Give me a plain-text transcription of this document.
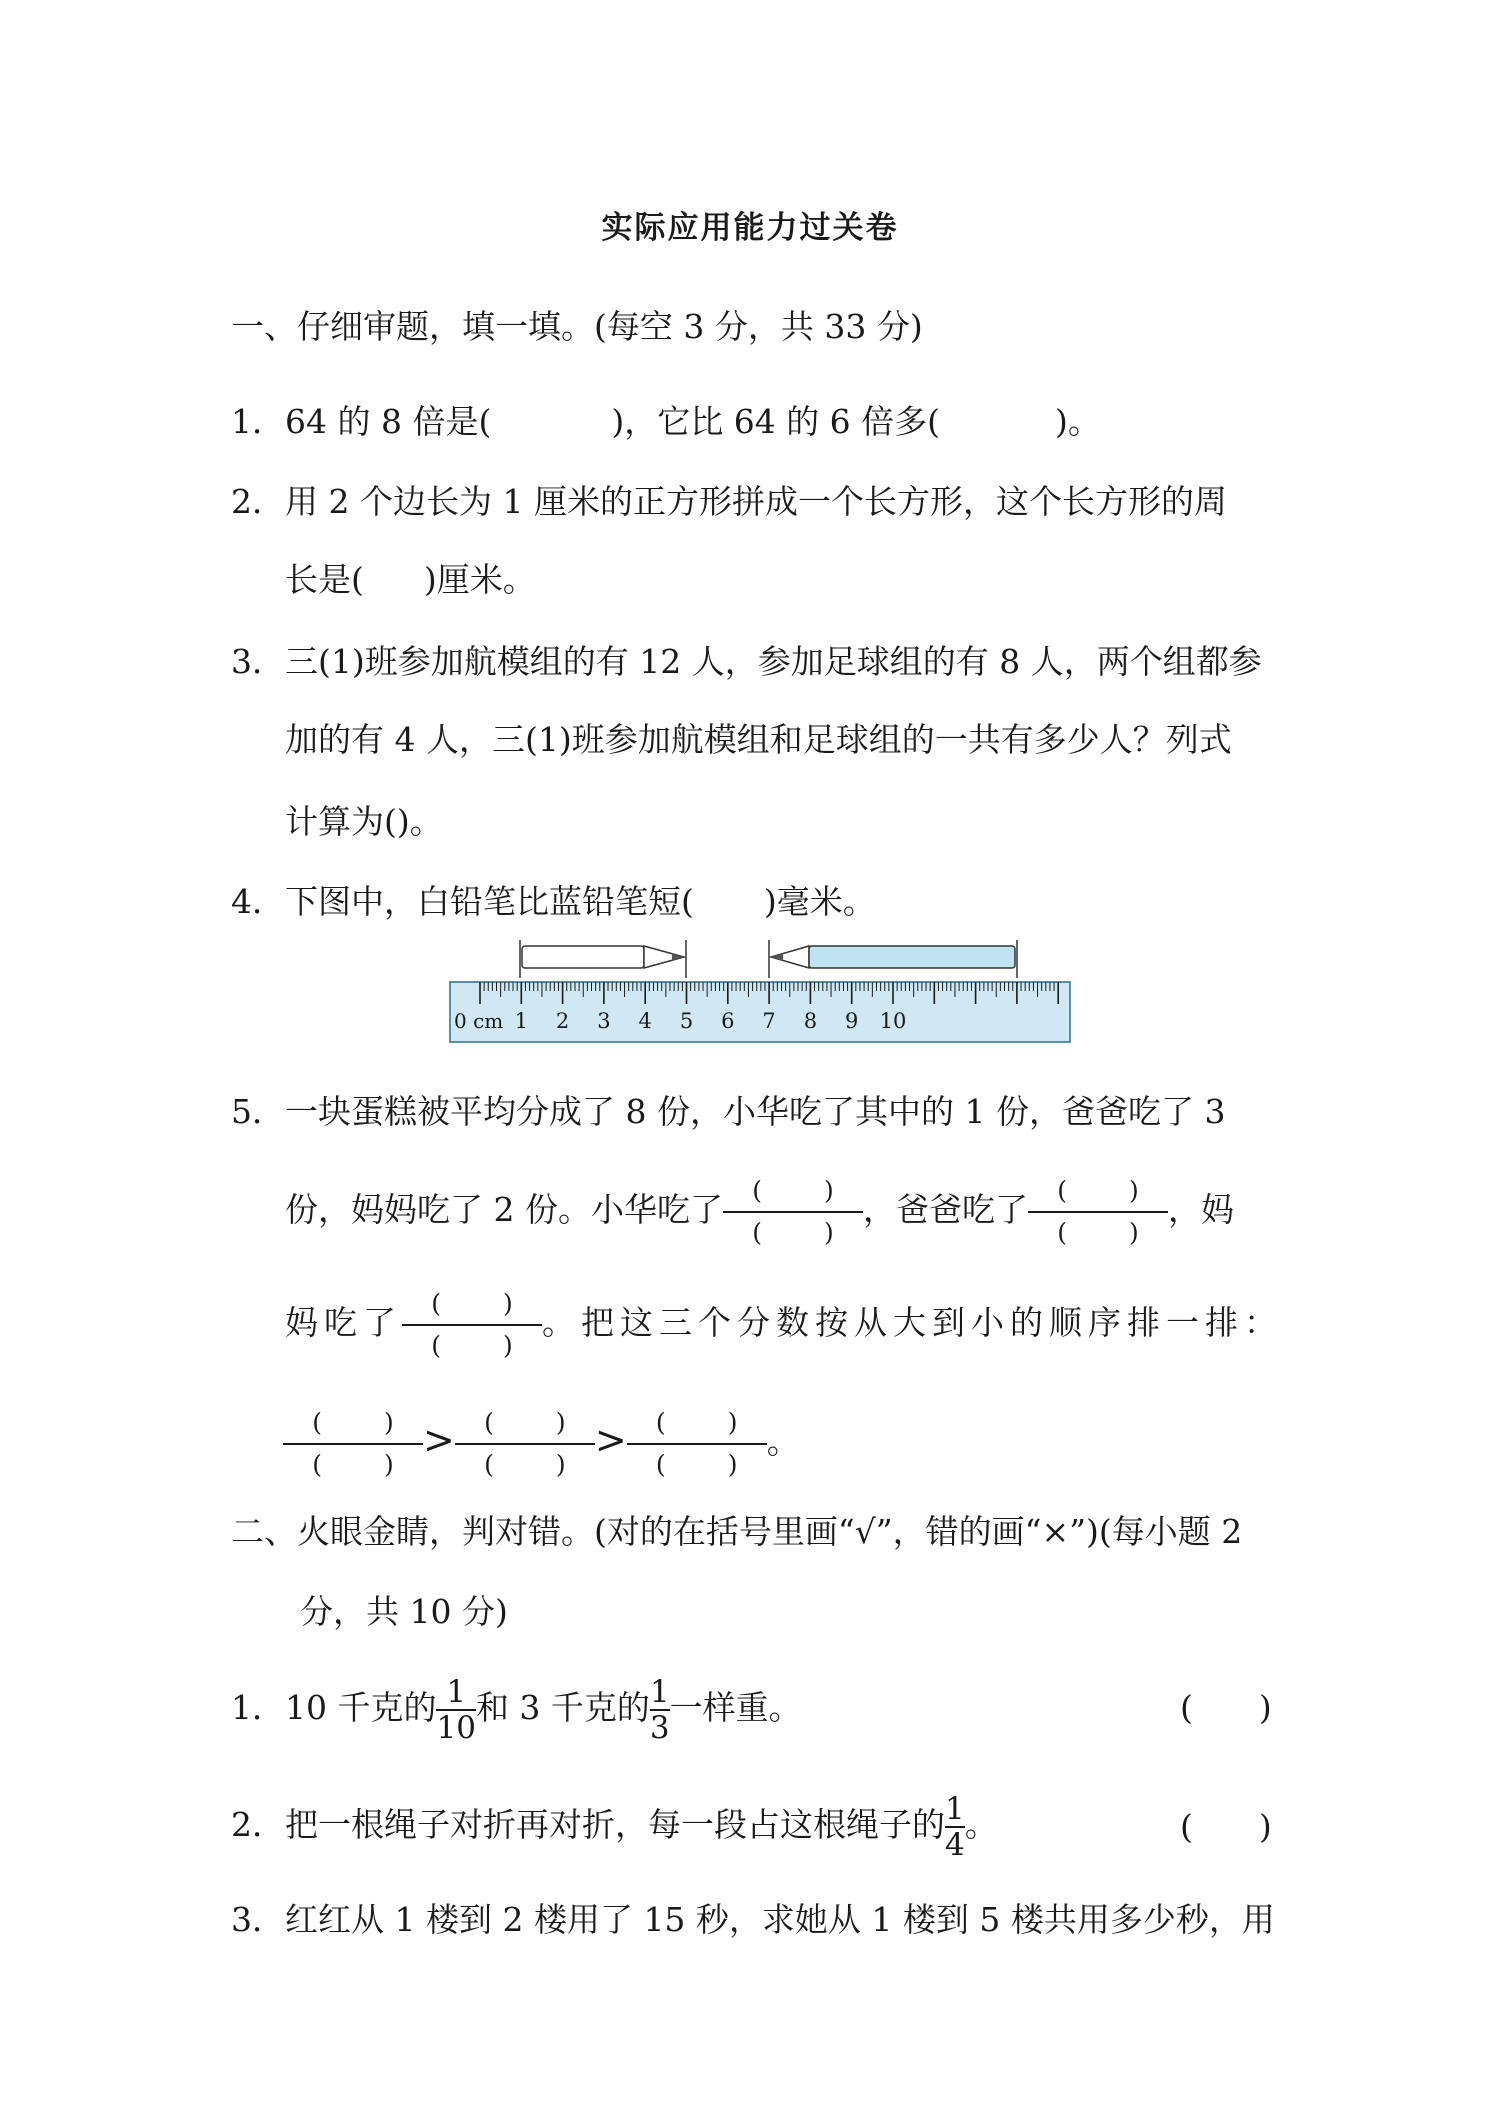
实际应用能力过关卷
一、仔细审题，填一填。(每空 3 分，共 33 分)
1．64 的 8 倍是(	)，它比 64 的 6 倍多(	)。
2．用 2 个边长为 1 厘米的正方形拼成一个长方形，这个长方形的周
长是( )厘米。
3．三(1)班参加航模组的有 12 人，参加足球组的有 8 人，两个组都参
加的有 4 人，三(1)班参加航模组和足球组的一共有多少人？列式
计算为()。
4．下图中，白铅笔比蓝铅笔短( )毫米。
0 cm 1 2 3 4 5 6 7 8 9 10
5．一块蛋糕被平均分成了 8 份，小华吃了其中的 1 份，爸爸吃了 3
份，妈妈吃了 2 份。小华吃了 $\frac{( )}{( )}$ ，爸爸吃了 $\frac{( )}{( )}$ ，妈
妈吃了 $\frac{( )}{( )}$ 。把这三个分数按从大到小的顺序排一排：
$\frac{( )}{( )} > \frac{( )}{( )} > \frac{( )}{( )}$ 。
二、火眼金睛，判对错。(对的在括号里画“√”，错的画“×”)(每小题 2
分，共 10 分)
1．10 千克的 $\frac{1}{10}$ 和 3 千克的 $\frac{1}{3}$ 一样重。	(　　)
2．把一根绳子对折再对折，每一段占这根绳子的 $\frac{1}{4}$ 。	(　　)
3．红红从 1 楼到 2 楼用了 15 秒，求她从 1 楼到 5 楼共用多少秒，用
